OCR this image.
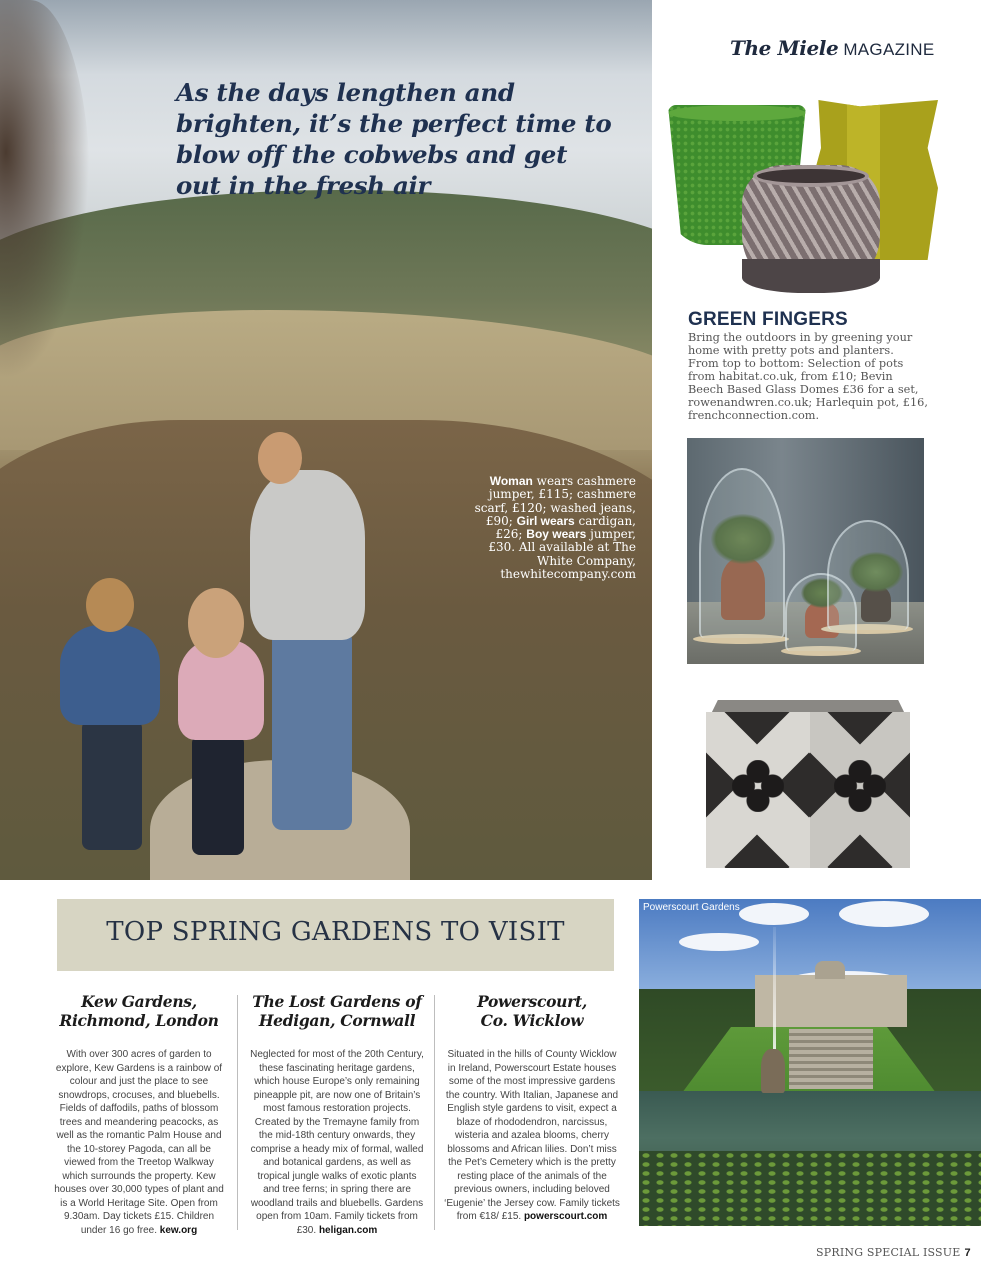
As the days lengthen and brighten, it’s the perfect time to blow off the cobwebs and get out in the fresh air
Woman wears cashmere jumper, £115; cashmere scarf, £120; washed jeans, £90; Girl wears cardigan, £26; Boy wears jumper, £30. All available at The White Company, thewhitecompany.com
The Miele MAGAZINE
GREEN FINGERS
Bring the outdoors in by greening your home with pretty pots and planters. From top to bottom: Selection of pots from habitat.co.uk, from £10; Bevin Beech Based Glass Domes £36 for a set, rowenandwren.co.uk; Harlequin pot, £16, frenchconnection.com.
TOP SPRING GARDENS TO VISIT
Kew Gardens,
Richmond, London

With over 300 acres of garden to explore, Kew Gardens is a rainbow of colour and just the place to see snowdrops, crocuses, and bluebells. Fields of daffodils, paths of blossom trees and meandering peacocks, as well as the romantic Palm House and the 10-storey Pagoda, can all be viewed from the Treetop Walkway which surrounds the property. Kew houses over 30,000 types of plant and is a World Heritage Site. Open from 9.30am. Day tickets £15. Children under 16 go free. kew.org

The Lost Gardens of
Hedigan, Cornwall

Neglected for most of the 20th Century, these fascinating heritage gardens, which house Europe’s only remaining pineapple pit, are now one of Britain’s most famous restoration projects. Created by the Tremayne family from the mid-18th century onwards, they comprise a heady mix of formal, walled and botanical gardens, as well as tropical jungle walks of exotic plants and tree ferns; in spring there are woodland trails and bluebells. Gardens open from 10am. Family tickets from £30. heligan.com

Powerscourt,
Co. Wicklow

Situated in the hills of County Wicklow in Ireland, Powerscourt Estate houses some of the most impressive gardens the country. With Italian, Japanese and English style gardens to visit, expect a blaze of rhododendron, narcissus, wisteria and azalea blooms, cherry blossoms and African lilies. Don’t miss the Pet’s Cemetery which is the pretty resting place of the animals of the previous owners, including beloved ‘Eugenie’ the Jersey cow. Family tickets from €18/ £15. powerscourt.com

Powerscourt Gardens
SPRING SPECIAL ISSUE 7
